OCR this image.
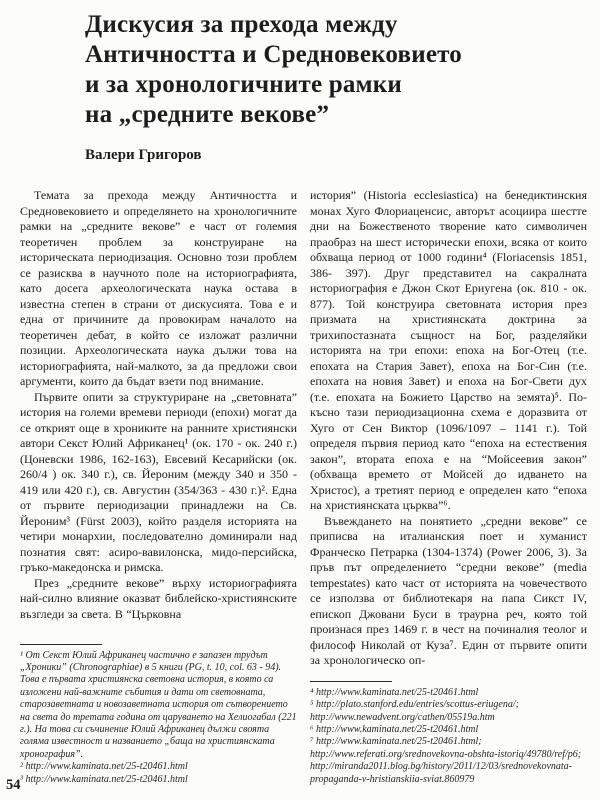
Дискусия за прехода между
Античността и Средновековието
и за хронологичните рамки
на „средните векове”
Валери Григоров

Темата за прехода между Античността и Средновековието и определянето на хронологичните рамки на „средните векове” е част от големия теоретичен проблем за конструиране на историческата периодизация. Основно този проблем се разисква в научното поле на историографията, като досега археологическата наука остава в известна степен в страни от дискусията. Това е и една от причините да провокирам началото на теоретичен дебат, в който се изложат различни позиции. Археологическата наука дължи това на историографията, най-малкото, за да предложи свои аргументи, които да бъдат взети под внимание.

Първите опити за структуриране на „световната” история на големи времеви периоди (епохи) могат да се открият още в хрониките на ранните християнски автори Секст Юлий Африканец¹ (ок. 170 - ок. 240 г.) (Цоневски 1986, 162-163), Евсевий Кесарийски (ок. 260/4 ) ок. 340 г.), св. Йероним (между 340 и 350 - 419 или 420 г.), св. Августин (354/363 - 430 г.)². Една от първите периодизации принадлежи на Св. Йероним³ (Fürst 2003), който разделя историята на четири монархии, последователно доминирали над познатия свят: асиро-вавилонска, мидо-персийска, гръко-македонска и римска.

През „средните векове” върху историографията най-силно влияние оказват библейско-християнските възгледи за света. В “Църковна

¹ От Секст Юлий Африканец частично е запазен трудът „Хроники” (Chronographiae) в 5 книги (PG, t. 10, col. 63 - 94). Това е първата християнска световна история, в която са изложени най-важните събития и дати от световната, старозаветната и новозаветната история от сътворението на света до третата година от царуването на Хелиогабал (221 г.). На това си съчинение Юлий Африканец дължи своята голяма известност и названието „баща на християнската хронография”.

² http://www.kaminata.net/25-t20461.html

³ http://www.kaminata.net/25-t20461.html

история” (Historia ecclesiastica) на бенедиктинския монах Хуго Флориаценсис, авторът асоциира шестте дни на Божественото творение като символичен праобраз на шест исторически епохи, всяка от които обхваща период от 1000 години⁴ (Floriacensis 1851, 386- 397). Друг представител на сакралната историография е Джон Скот Ериугена (ок. 810 - ок. 877). Той конструира световната история през призмата на християнската доктрина за трихипостазната същност на Бог, разделяйки историята на три епохи: епоха на Бог-Отец (т.е. епохата на Стария Завет), епоха на Бог-Син (т.е. епохата на новия Завет) и епоха на Бог-Свети дух (т.е. епохата на Божието Царство на земята)⁵. По-късно тази периодизационна схема е доразвита от Хуго от Сен Виктор (1096/1097 – 1141 г.). Той определя първия период като “епоха на естествения закон”, втората епоха е на “Мойсеевия закон” (обхваща времето от Мойсей до идването на Христос), а третият период е определен като “епоха на християнската църква”⁶.

Въвеждането на понятието „средни векове” се приписва на италианския поет и хуманист Франческо Петрарка (1304-1374) (Power 2006, 3). За пръв път определението “средни векове” (media tempestates) като част от историята на човечеството се използва от библиотекаря на папа Сикст IV, епископ Джовани Буси в траурна реч, която той произнася през 1469 г. в чест на починалия теолог и философ Николай от Куза⁷. Един от първите опити за хронологическо оп-

⁴ http://www.kaminata.net/25-t20461.html

⁵ http://plato.stanford.edu/entries/scottus-eriugena/; http://www.newadvent.org/cathen/05519a.htm

⁶ http://www.kaminata.net/25-t20461.html

⁷ http://www.kaminata.net/25-t20461.html; http://www.referati.org/srednovekovna-obshta-istoriq/49780/ref/p6; http://miranda2011.blog.bg/history/2011/12/03/srednovekovnata-propaganda-v-hristianskiia-sviat.860979

54
